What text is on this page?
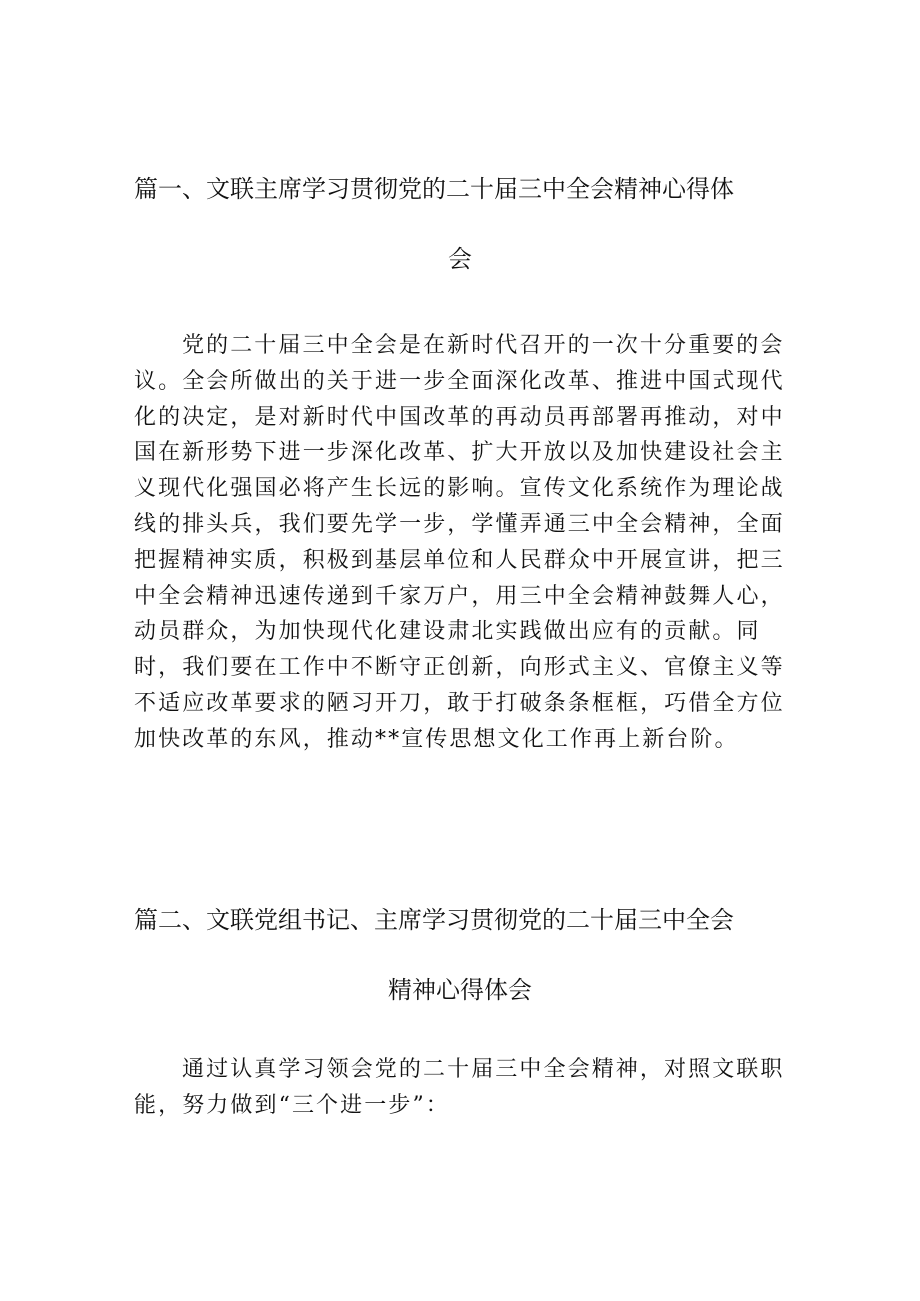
篇一、文联主席学习贯彻党的二十届三中全会精神心得体
会

党的二十届三中全会是在新时代召开的一次十分重要的会议。全会所做出的关于进一步全面深化改革、推进中国式现代化的决定，是对新时代中国改革的再动员再部署再推动，对中国在新形势下进一步深化改革、扩大开放以及加快建设社会主义现代化强国必将产生长远的影响。宣传文化系统作为理论战线的排头兵，我们要先学一步，学懂弄通三中全会精神，全面把握精神实质，积极到基层单位和人民群众中开展宣讲，把三中全会精神迅速传递到千家万户，用三中全会精神鼓舞人心，动员群众，为加快现代化建设肃北实践做出应有的贡献。同时，我们要在工作中不断守正创新，向形式主义、官僚主义等不适应改革要求的陋习开刀，敢于打破条条框框，巧借全方位加快改革的东风，推动**宣传思想文化工作再上新台阶。

篇二、文联党组书记、主席学习贯彻党的二十届三中全会
精神心得体会

通过认真学习领会党的二十届三中全会精神，对照文联职能，努力做到“三个进一步”：
